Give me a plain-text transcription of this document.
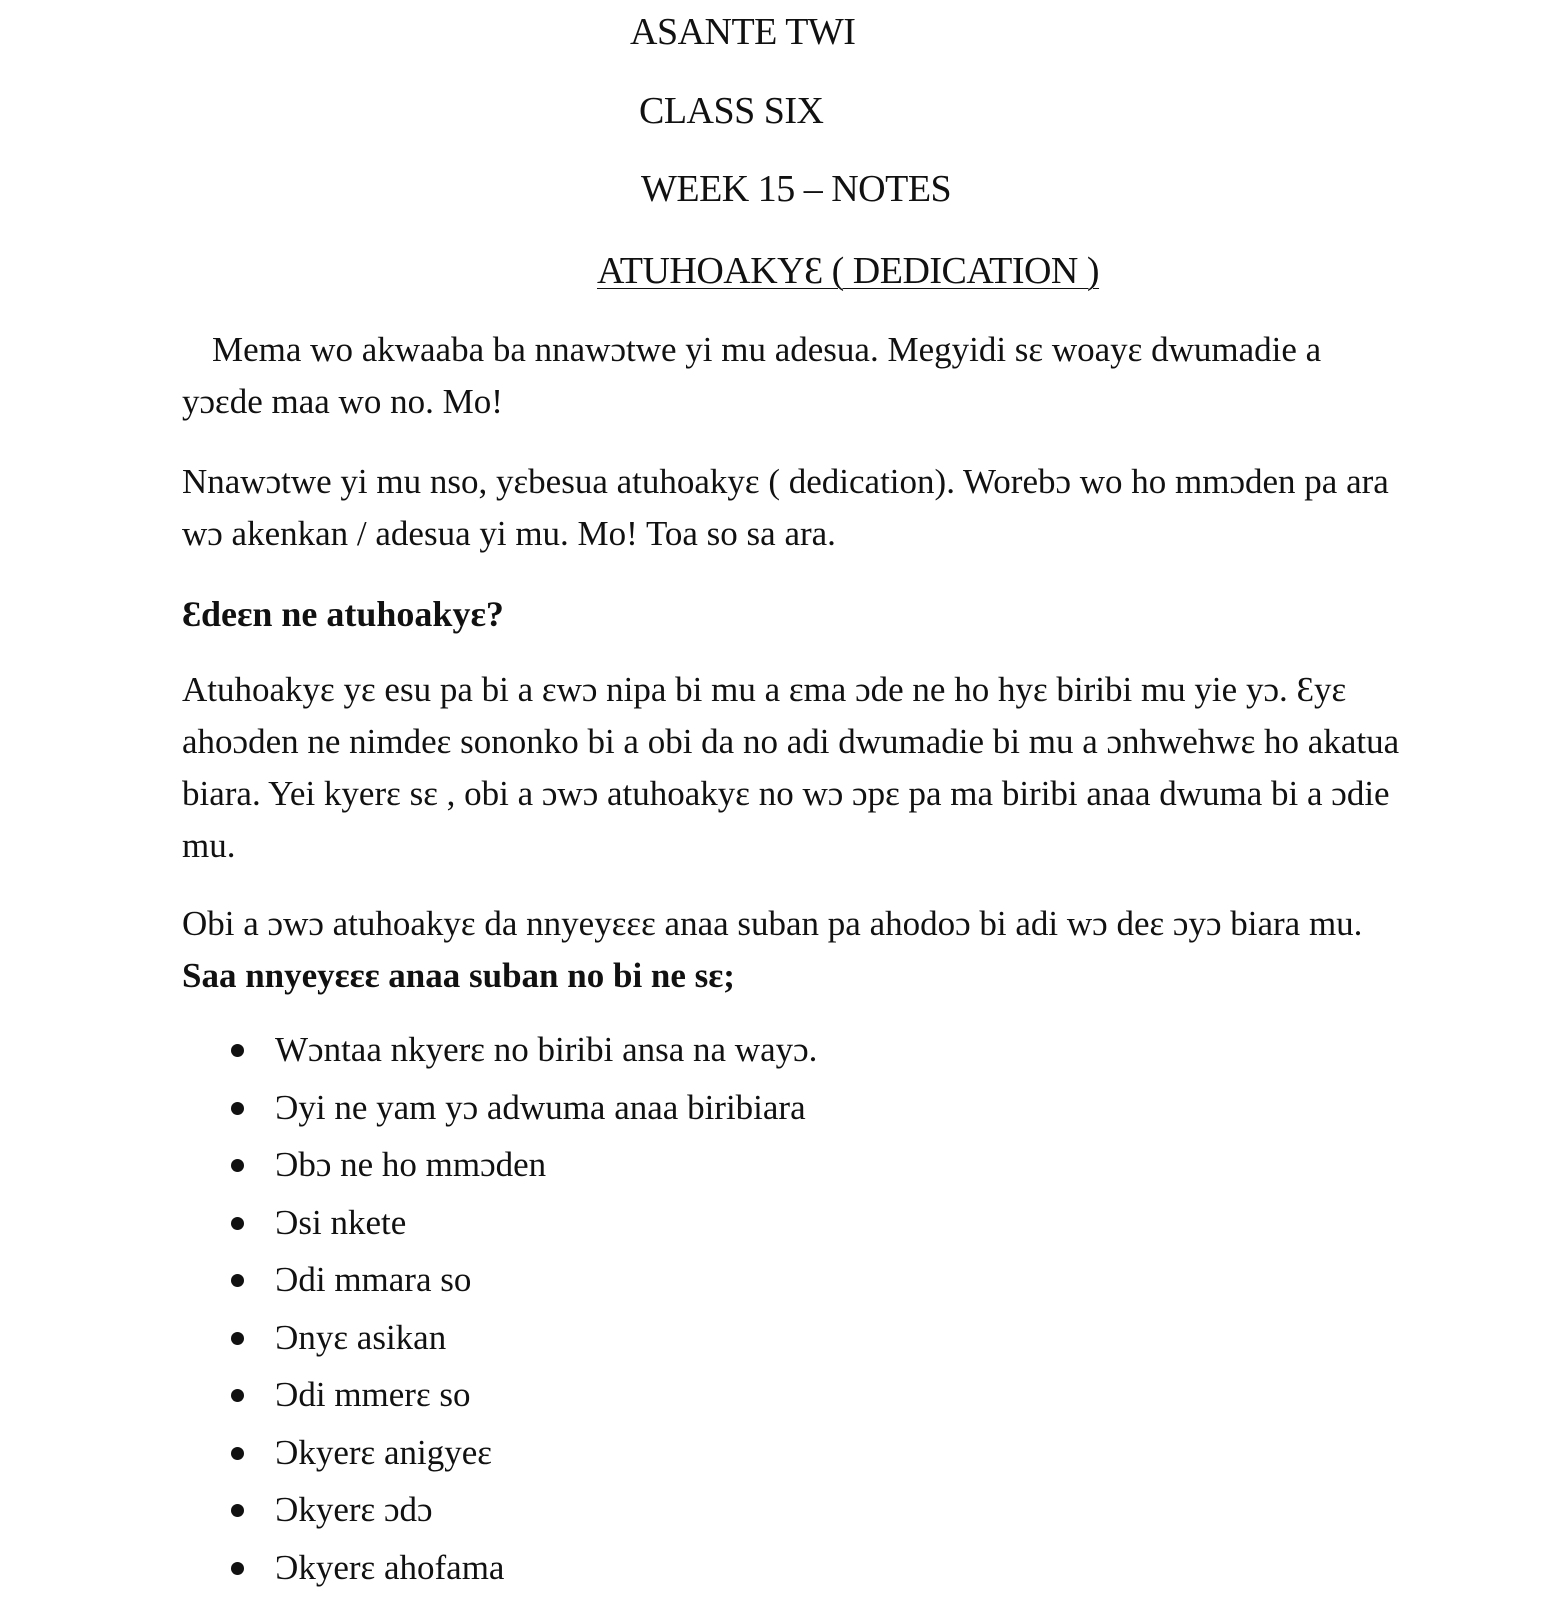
ASANTE TWI
CLASS SIX
WEEK 15 – NOTES
ATUHOAKYƐ ( DEDICATION )

Mema wo akwaaba ba nnawɔtwe yi mu adesua. Megyidi sɛ woayɛ dwumadie a yɔɛde maa wo no. Mo!

Nnawɔtwe yi mu nso, yɛbesua atuhoakyɛ ( dedication). Worebɔ wo ho mmɔden pa ara wɔ akenkan / adesua yi mu. Mo! Toa so sa ara.

Ɛdeɛn ne atuhoakyɛ?

Atuhoakyɛ yɛ esu pa bi a ɛwɔ nipa bi mu a ɛma ɔde ne ho hyɛ biribi mu yie yɔ. Ɛyɛ ahoɔden ne nimdeɛ sononko bi a obi da no adi dwumadie bi mu a ɔnhwehwɛ ho akatua biara. Yei kyerɛ sɛ , obi a ɔwɔ atuhoakyɛ no wɔ ɔpɛ pa ma biribi anaa dwuma bi a ɔdie mu.

Obi a ɔwɔ atuhoakyɛ da nnyeyɛɛɛ anaa suban pa ahodoɔ bi adi wɔ deɛ ɔyɔ biara mu. Saa nnyeyɛɛɛ anaa suban no bi ne sɛ;

Wɔntaa nkyerɛ no biribi ansa na wayɔ.
Ɔyi ne yam yɔ adwuma anaa biribiara
Ɔbɔ ne ho mmɔden
Ɔsi nkete
Ɔdi mmara so
Ɔnyɛ asikan
Ɔdi mmerɛ so
Ɔkyerɛ anigyeɛ
Ɔkyerɛ ɔdɔ
Ɔkyerɛ ahofama
